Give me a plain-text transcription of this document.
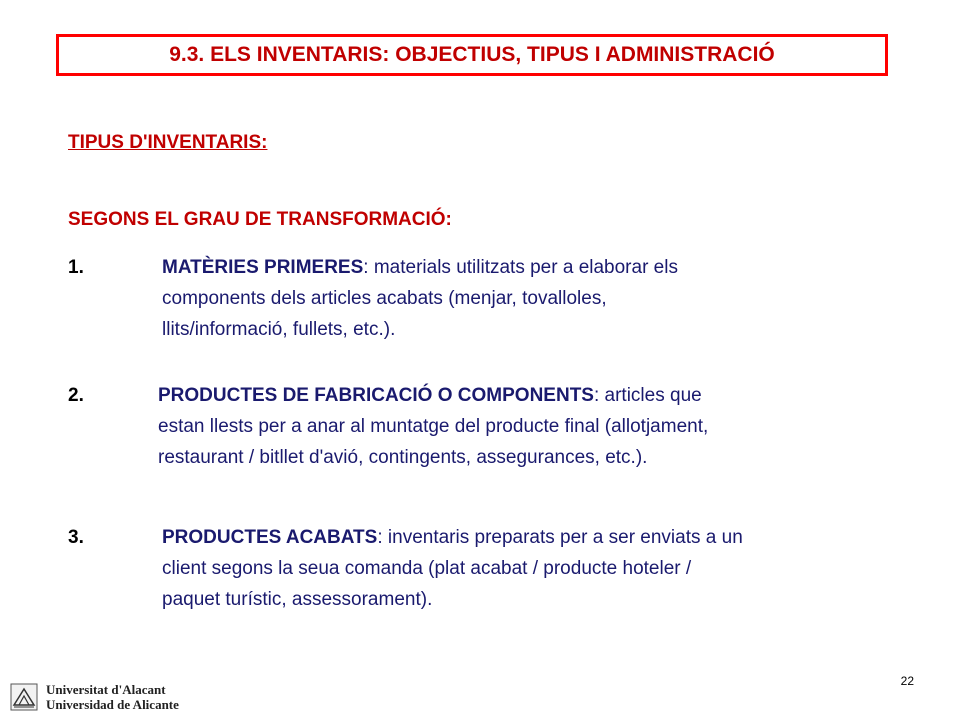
9.3. ELS INVENTARIS: OBJECTIUS, TIPUS I ADMINISTRACIÓ
TIPUS D'INVENTARIS:
SEGONS EL GRAU DE TRANSFORMACIÓ:
1.	MATÈRIES PRIMERES: materials utilitzats per a elaborar els
components dels articles acabats (menjar, tovalloles,
llits/informació, fullets, etc.).
2.	PRODUCTES DE FABRICACIÓ O COMPONENTS: articles que
estan llests per a anar al muntatge del producte final (allotjament,
restaurant / bitllet d'avió, contingents, assegurances, etc.).
3.	PRODUCTES ACABATS: inventaris preparats per a ser enviats a un
client segons la seua comanda (plat acabat / producte hoteler /
paquet turístic, assessorament).
Universitat d'Alacant
Universidad de Alicante
22
